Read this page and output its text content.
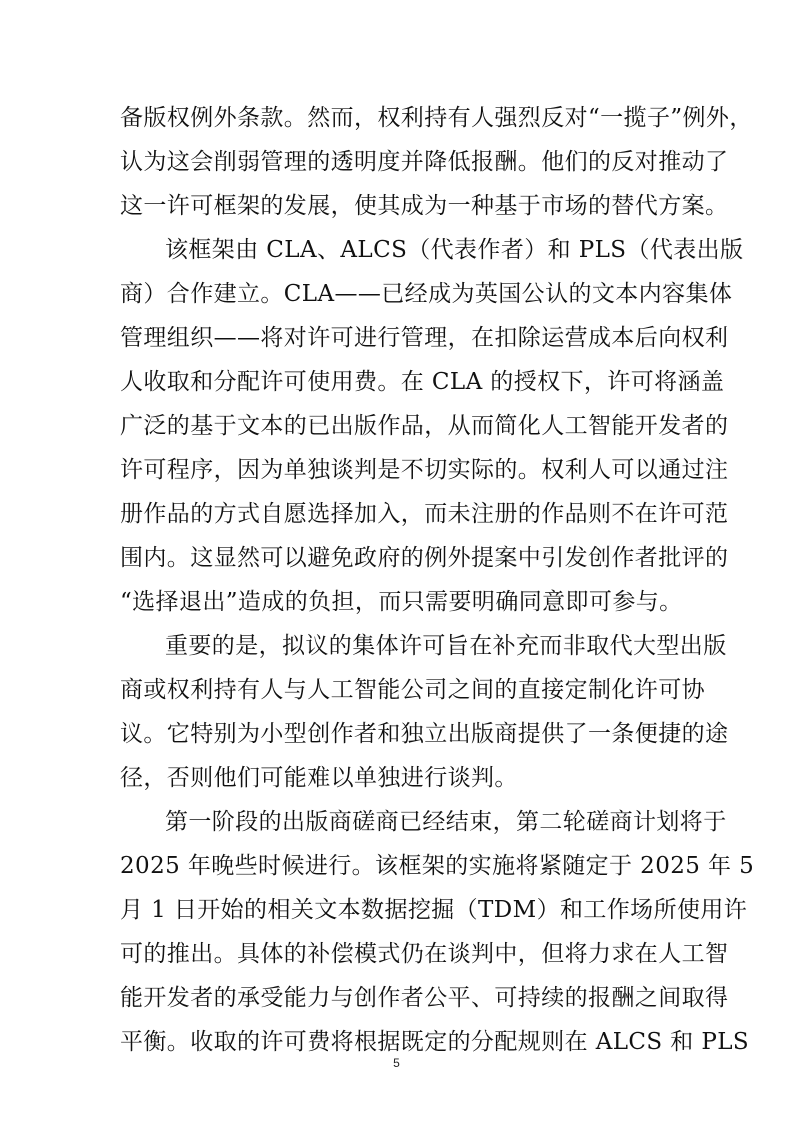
备版权例外条款。然而，权利持有人强烈反对“一揽子”例外，
认为这会削弱管理的透明度并降低报酬。他们的反对推动了
这一许可框架的发展，使其成为一种基于市场的替代方案。
该框架由 CLA、ALCS（代表作者）和 PLS（代表出版
商）合作建立。CLA——已经成为英国公认的文本内容集体
管理组织——将对许可进行管理，在扣除运营成本后向权利
人收取和分配许可使用费。在 CLA 的授权下，许可将涵盖
广泛的基于文本的已出版作品，从而简化人工智能开发者的
许可程序，因为单独谈判是不切实际的。权利人可以通过注
册作品的方式自愿选择加入，而未注册的作品则不在许可范
围内。这显然可以避免政府的例外提案中引发创作者批评的
“选择退出”造成的负担，而只需要明确同意即可参与。
重要的是，拟议的集体许可旨在补充而非取代大型出版
商或权利持有人与人工智能公司之间的直接定制化许可协
议。它特别为小型创作者和独立出版商提供了一条便捷的途
径，否则他们可能难以单独进行谈判。
第一阶段的出版商磋商已经结束，第二轮磋商计划将于
2025 年晚些时候进行。该框架的实施将紧随定于 2025 年 5
月 1 日开始的相关文本数据挖掘（TDM）和工作场所使用许
可的推出。具体的补偿模式仍在谈判中，但将力求在人工智
能开发者的承受能力与创作者公平、可持续的报酬之间取得
平衡。收取的许可费将根据既定的分配规则在 ALCS 和 PLS
5
